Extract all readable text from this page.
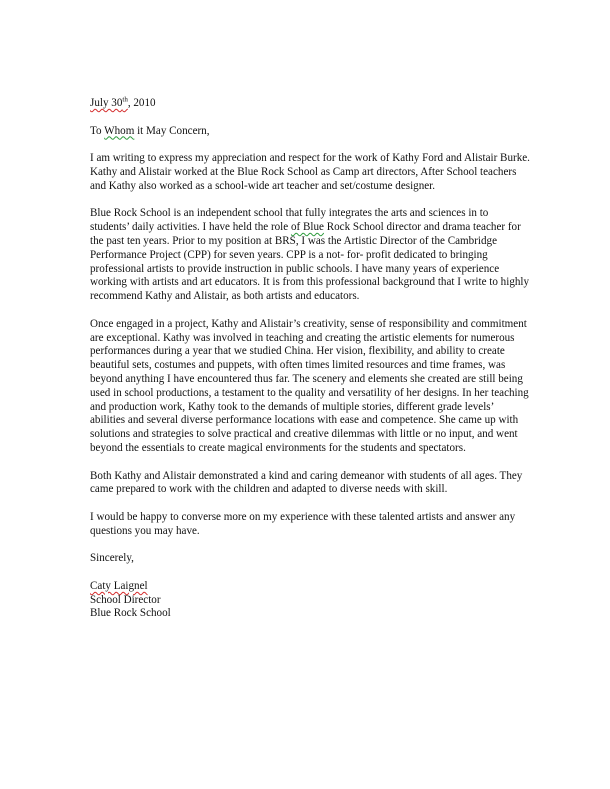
July 30th, 2010

To Whom it May Concern,

I am writing to express my appreciation and respect for the work of Kathy Ford and Alistair Burke. Kathy and Alistair worked at the Blue Rock School as Camp art directors, After School teachers and Kathy also worked as a school-wide art teacher and set/costume designer.

Blue Rock School is an independent school that fully integrates the arts and sciences in to students’ daily activities. I have held the role of Blue Rock School director and drama teacher for the past ten years. Prior to my position at BRS, I was the Artistic Director of the Cambridge Performance Project (CPP) for seven years. CPP is a not- for- profit dedicated to bringing professional artists to provide instruction in public schools. I have many years of experience working with artists and art educators. It is from this professional background that I write to highly recommend Kathy and Alistair, as both artists and educators.

Once engaged in a project, Kathy and Alistair’s creativity, sense of responsibility and commitment are exceptional. Kathy was involved in teaching and creating the artistic elements for numerous performances during a year that we studied China. Her vision, flexibility, and ability to create beautiful sets, costumes and puppets, with often times limited resources and time frames, was beyond anything I have encountered thus far. The scenery and elements she created are still being used in school productions, a testament to the quality and versatility of her designs. In her teaching and production work, Kathy took to the demands of multiple stories, different grade levels’ abilities and several diverse performance locations with ease and competence. She came up with solutions and strategies to solve practical and creative dilemmas with little or no input, and went beyond the essentials to create magical environments for the students and spectators.

Both Kathy and Alistair demonstrated a kind and caring demeanor with students of all ages. They came prepared to work with the children and adapted to diverse needs with skill.

I would be happy to converse more on my experience with these talented artists and answer any questions you may have.

Sincerely,

Caty Laignel
School Director
Blue Rock School
